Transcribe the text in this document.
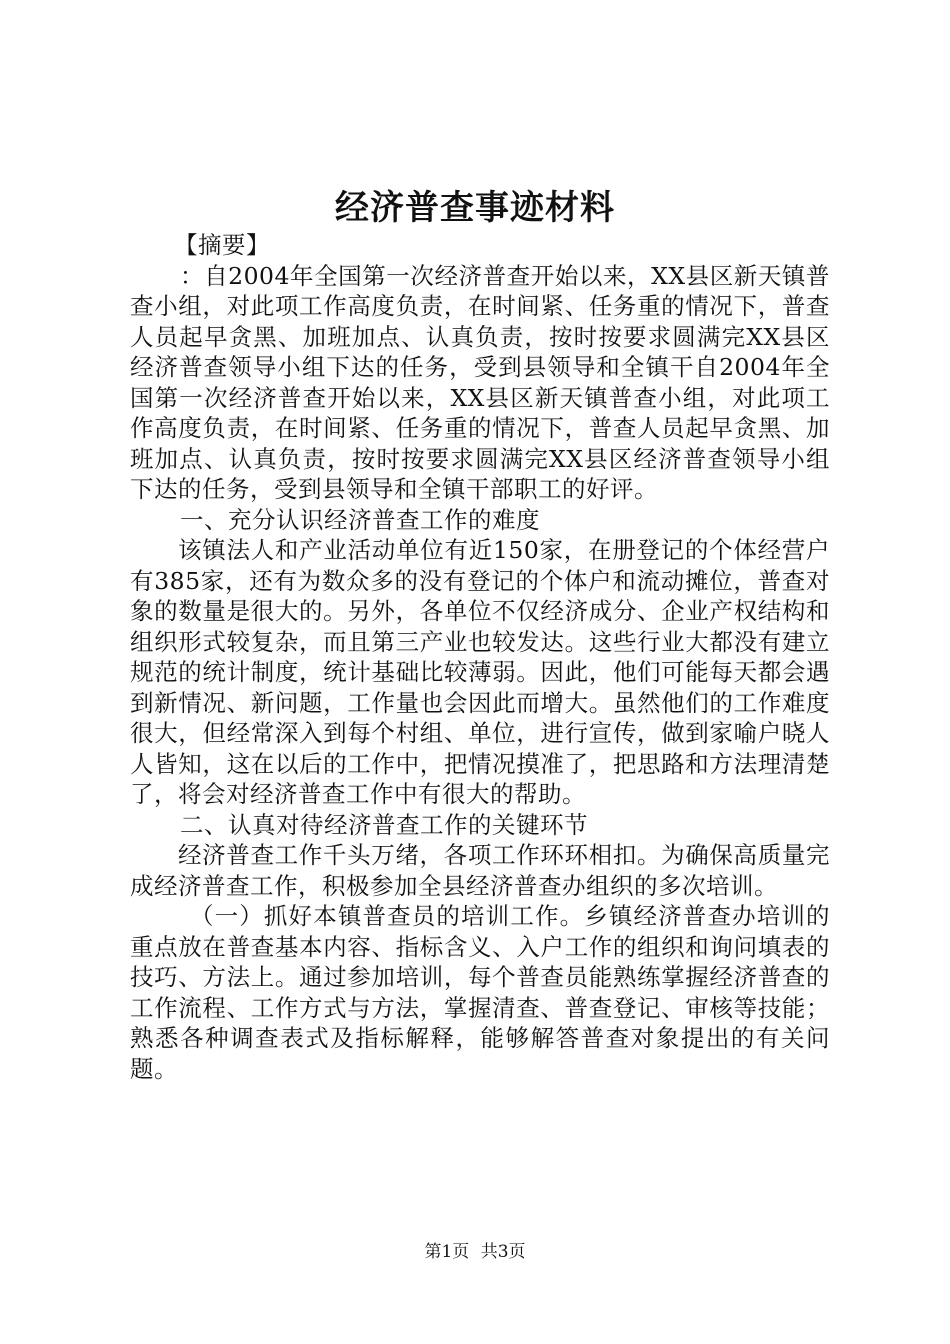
经济普查事迹材料

【摘要】

：自2004年全国第一次经济普查开始以来，XX县区新天镇普查小组，对此项工作高度负责，在时间紧、任务重的情况下，普查人员起早贪黑、加班加点、认真负责，按时按要求圆满完XX县区经济普查领导小组下达的任务，受到县领导和全镇干自2004年全国第一次经济普查开始以来，XX县区新天镇普查小组，对此项工作高度负责，在时间紧、任务重的情况下，普查人员起早贪黑、加班加点、认真负责，按时按要求圆满完XX县区经济普查领导小组下达的任务，受到县领导和全镇干部职工的好评。

一、充分认识经济普查工作的难度

该镇法人和产业活动单位有近150家，在册登记的个体经营户有385家，还有为数众多的没有登记的个体户和流动摊位，普查对象的数量是很大的。另外，各单位不仅经济成分、企业产权结构和组织形式较复杂，而且第三产业也较发达。这些行业大都没有建立规范的统计制度，统计基础比较薄弱。因此，他们可能每天都会遇到新情况、新问题，工作量也会因此而增大。虽然他们的工作难度很大，但经常深入到每个村组、单位，进行宣传，做到家喻户晓人人皆知，这在以后的工作中，把情况摸准了，把思路和方法理清楚了，将会对经济普查工作中有很大的帮助。

二、认真对待经济普查工作的关键环节

经济普查工作千头万绪，各项工作环环相扣。为确保高质量完成经济普查工作，积极参加全县经济普查办组织的多次培训。

（一）抓好本镇普查员的培训工作。乡镇经济普查办培训的重点放在普查基本内容、指标含义、入户工作的组织和询问填表的技巧、方法上。通过参加培训，每个普查员能熟练掌握经济普查的工作流程、工作方式与方法，掌握清查、普查登记、审核等技能；熟悉各种调查表式及指标解释，能够解答普查对象提出的有关问题。

第1页 共3页
